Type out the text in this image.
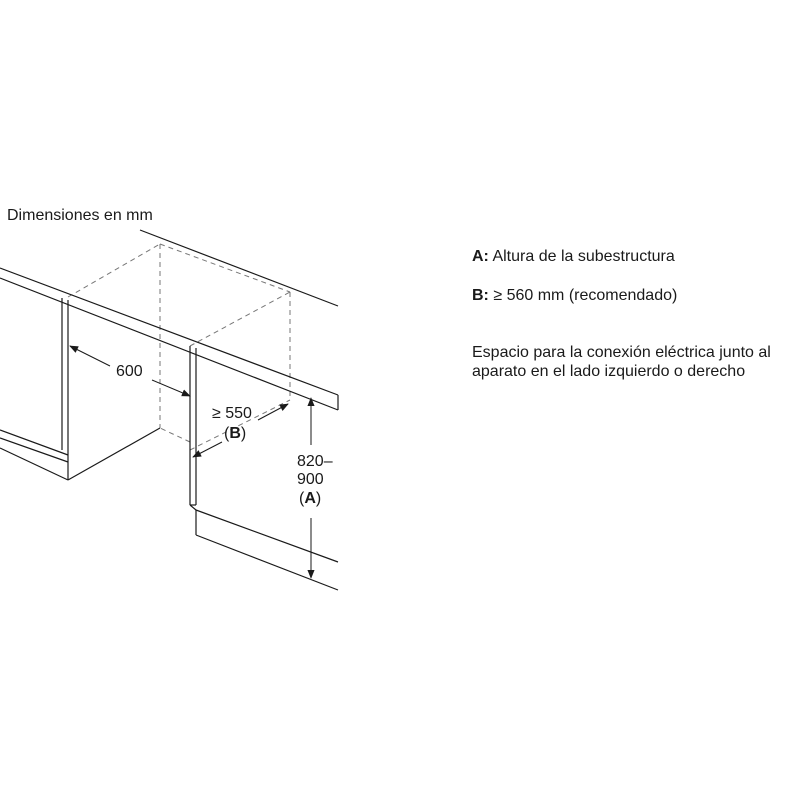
Dimensiones en mm
600
≥ 550
(B)
820–
900
(A)
A: Altura de la subestructura
B: ≥ 560 mm (recomendado)
Espacio para la conexión eléctrica junto al aparato en el lado izquierdo o derecho
